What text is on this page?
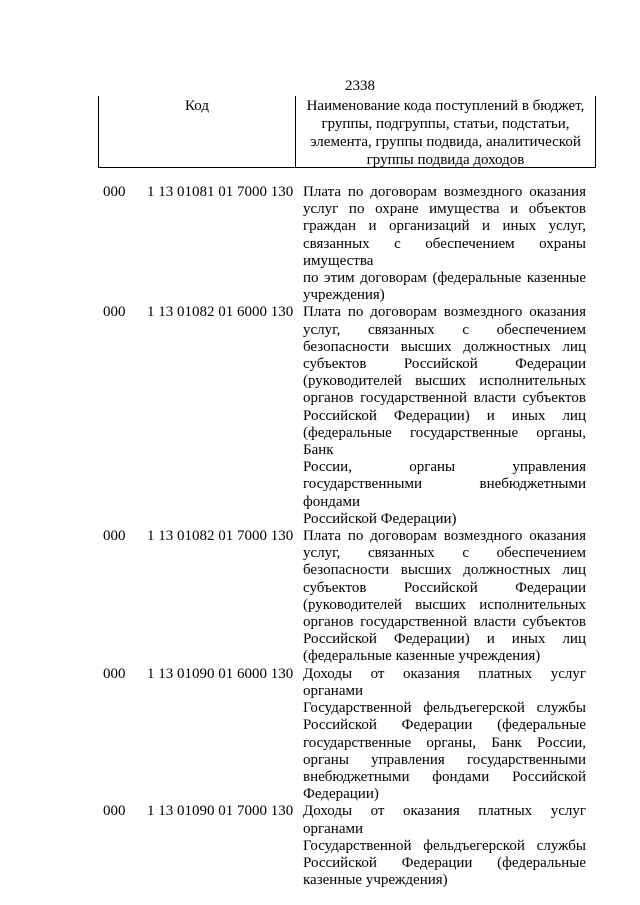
2338
Код	Наименование кода поступлений в бюджет, группы, подгруппы, статьи, подстатьи, элемента, группы подвида, аналитической группы подвида доходов
000 1 13 01081 01 7000 130 Плата по договорам возмездного оказания
услуг по охране имущества и объектов
граждан и организаций и иных услуг,
связанных с обеспечением охраны имущества
по этим договорам (федеральные казенные
учреждения)
000 1 13 01082 01 6000 130 Плата по договорам возмездного оказания
услуг, связанных с обеспечением
безопасности высших должностных лиц
субъектов Российской Федерации
(руководителей высших исполнительных
органов государственной власти субъектов
Российской Федерации) и иных лиц
(федеральные государственные органы, Банк
России, органы управления
государственными внебюджетными фондами
Российской Федерации)
000 1 13 01082 01 7000 130 Плата по договорам возмездного оказания
услуг, связанных с обеспечением
безопасности высших должностных лиц
субъектов Российской Федерации
(руководителей высших исполнительных
органов государственной власти субъектов
Российской Федерации) и иных лиц
(федеральные казенные учреждения)
000 1 13 01090 01 6000 130 Доходы от оказания платных услуг органами
Государственной фельдъегерской службы
Российской Федерации (федеральные
государственные органы, Банк России,
органы управления государственными
внебюджетными фондами Российской
Федерации)
000 1 13 01090 01 7000 130 Доходы от оказания платных услуг органами
Государственной фельдъегерской службы
Российской Федерации (федеральные
казенные учреждения)
